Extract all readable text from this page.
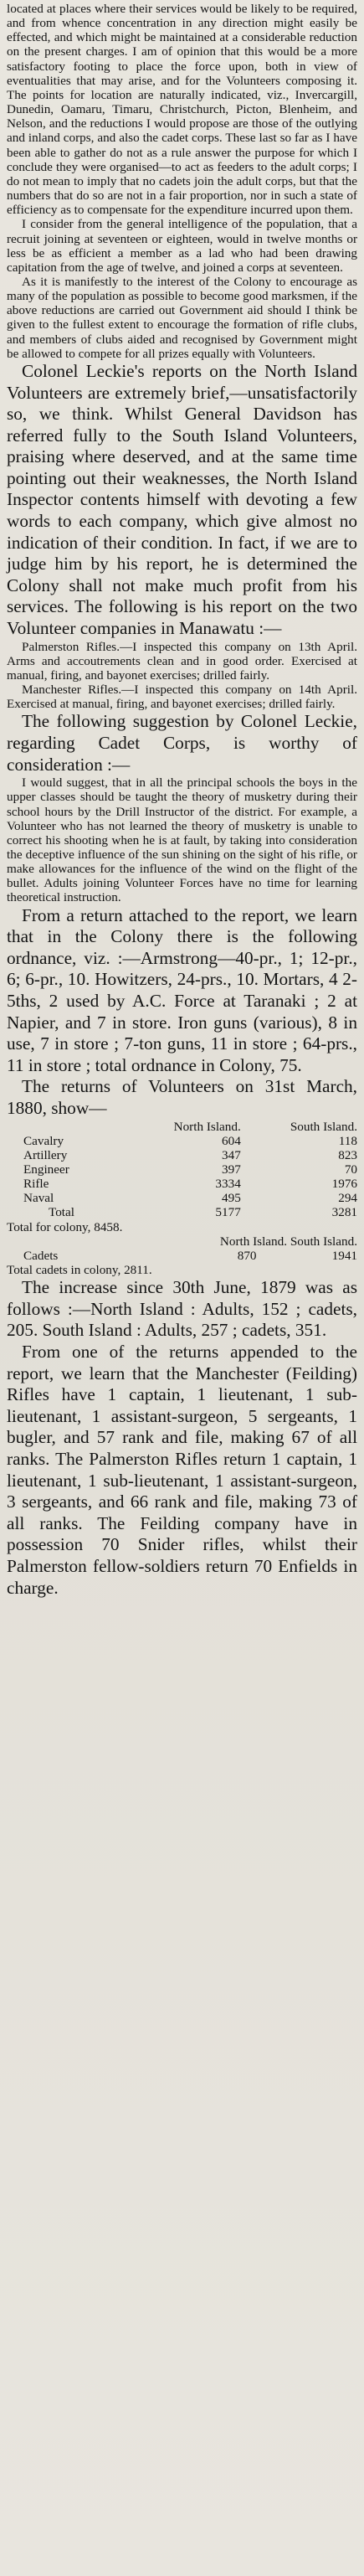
located at places where their services would be likely to be required, and from whence concentration in any direction might easily be effected, and which might be maintained at a considerable reduction on the present charges. I am of opinion that this would be a more satisfactory footing to place the force upon, both in view of eventualities that may arise, and for the Volunteers composing it. The points for location are naturally indicated, viz., Invercargill, Dunedin, Oamaru, Timaru, Christchurch, Picton, Blenheim, and Nelson, and the reductions I would propose are those of the outlying and inland corps, and also the cadet corps. These last so far as I have been able to gather do not as a rule answer the purpose for which I conclude they were organised—to act as feeders to the adult corps; I do not mean to imply that no cadets join the adult corps, but that the numbers that do so are not in a fair proportion, nor in such a state of efficiency as to compensate for the expenditure incurred upon them.

I consider from the general intelligence of the population, that a recruit joining at seventeen or eighteen, would in twelve months or less be as efficient a member as a lad who had been drawing capitation from the age of twelve, and joined a corps at seventeen.

As it is manifestly to the interest of the Colony to encourage as many of the population as possible to become good marksmen, if the above reductions are carried out Government aid should I think be given to the fullest extent to encourage the formation of rifle clubs, and members of clubs aided and recognised by Government might be allowed to compete for all prizes equally with Volunteers.

Colonel Leckie's reports on the North Island Volunteers are extremely brief,—unsatisfactorily so, we think. Whilst General Davidson has referred fully to the South Island Volunteers, praising where deserved, and at the same time pointing out their weaknesses, the North Island Inspector contents himself with devoting a few words to each company, which give almost no indication of their condition. In fact, if we are to judge him by his report, he is determined the Colony shall not make much profit from his services. The following is his report on the two Volunteer companies in Manawatu :—

Palmerston Rifles.—I inspected this company on 13th April. Arms and accoutrements clean and in good order. Exercised at manual, firing, and bayonet exercises; drilled fairly.

Manchester Rifles.—I inspected this company on 14th April. Exercised at manual, firing, and bayonet exercises; drilled fairly.

The following suggestion by Colonel Leckie, regarding Cadet Corps, is worthy of consideration :—

I would suggest, that in all the principal schools the boys in the upper classes should be taught the theory of musketry during their school hours by the Drill Instructor of the district. For example, a Volunteer who has not learned the theory of musketry is unable to correct his shooting when he is at fault, by taking into consideration the deceptive influence of the sun shining on the sight of his rifle, or make allowances for the influence of the wind on the flight of the bullet. Adults joining Volunteer Forces have no time for learning theoretical instruction.

From a return attached to the report, we learn that in the Colony there is the following ordnance, viz. :—Armstrong—40-pr., 1; 12-pr., 6; 6-pr., 10. Howitzers, 24-prs., 10. Mortars, 4 2-5ths, 2 used by A.C. Force at Taranaki ; 2 at Napier, and 7 in store. Iron guns (various), 8 in use, 7 in store ; 7-ton guns, 11 in store ; 64-prs., 11 in store ; total ordnance in Colony, 75.

The returns of Volunteers on 31st March, 1880, show—

	North Island.	South Island.
Cavalry	604	118
Artillery	347	823
Engineer	397	70
Rifle	3334	1976
Naval	495	294
Total	5177	3281

Total for colony, 8458.

North Island. South Island.

Cadets	870	1941

Total cadets in colony, 2811.

The increase since 30th June, 1879 was as follows :—North Island : Adults, 152 ; cadets, 205. South Island : Adults, 257 ; cadets, 351.

From one of the returns appended to the report, we learn that the Manchester (Feilding) Rifles have 1 captain, 1 lieutenant, 1 sub-lieutenant, 1 assistant-surgeon, 5 sergeants, 1 bugler, and 57 rank and file, making 67 of all ranks. The Palmerston Rifles return 1 captain, 1 lieutenant, 1 sub-lieutenant, 1 assistant-surgeon, 3 sergeants, and 66 rank and file, making 73 of all ranks. The Feilding company have in possession 70 Snider rifles, whilst their Palmerston fellow-soldiers return 70 Enfields in charge.
